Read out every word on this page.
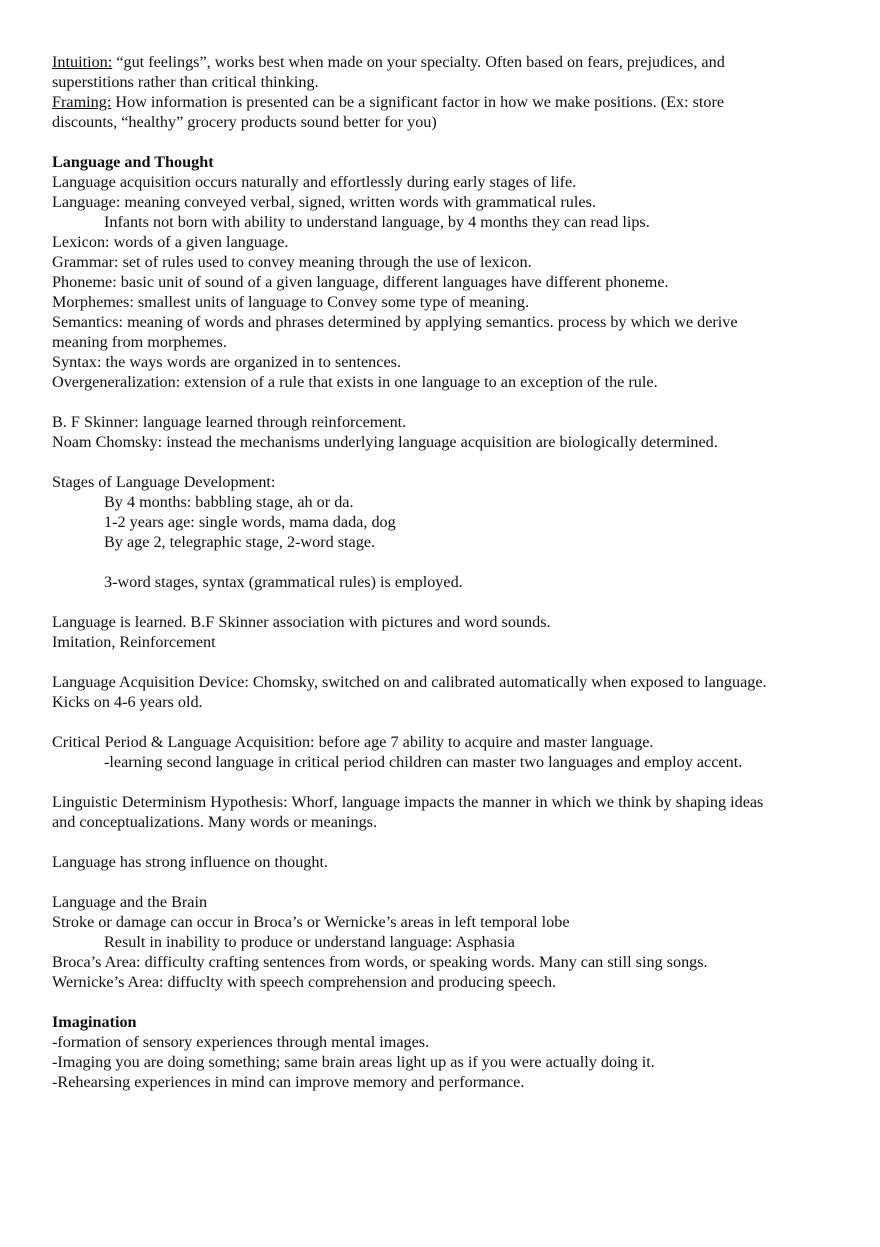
Intuition: “gut feelings”, works best when made on your specialty. Often based on fears, prejudices, and

superstitions rather than critical thinking.

Framing: How information is presented can be a significant factor in how we make positions. (Ex: store

discounts, “healthy” grocery products sound better for you)

Language and Thought

Language acquisition occurs naturally and effortlessly during early stages of life.

Language: meaning conveyed verbal, signed, written words with grammatical rules.

Infants not born with ability to understand language, by 4 months they can read lips.

Lexicon: words of a given language.

Grammar: set of rules used to convey meaning through the use of lexicon.

Phoneme: basic unit of sound of a given language, different languages have different phoneme.

Morphemes: smallest units of language to Convey some type of meaning.

Semantics: meaning of words and phrases determined by applying semantics. process by which we derive

meaning from morphemes.

Syntax: the ways words are organized in to sentences.

Overgeneralization: extension of a rule that exists in one language to an exception of the rule.

B. F Skinner: language learned through reinforcement.

Noam Chomsky: instead the mechanisms underlying language acquisition are biologically determined.

Stages of Language Development:

By 4 months: babbling stage, ah or da.

1-2 years age: single words, mama dada, dog

By age 2, telegraphic stage, 2-word stage.

3-word stages, syntax (grammatical rules) is employed.

Language is learned. B.F Skinner association with pictures and word sounds.

Imitation, Reinforcement

Language Acquisition Device: Chomsky, switched on and calibrated automatically when exposed to language.

Kicks on 4-6 years old.

Critical Period & Language Acquisition: before age 7 ability to acquire and master language.

-learning second language in critical period children can master two languages and employ accent.

Linguistic Determinism Hypothesis: Whorf, language impacts the manner in which we think by shaping ideas

and conceptualizations. Many words or meanings.

Language has strong influence on thought.

Language and the Brain

Stroke or damage can occur in Broca’s or Wernicke’s areas in left temporal lobe

Result in inability to produce or understand language: Asphasia

Broca’s Area: difficulty crafting sentences from words, or speaking words. Many can still sing songs.

Wernicke’s Area: diffuclty with speech comprehension and producing speech.

Imagination

-formation of sensory experiences through mental images.

-Imaging you are doing something; same brain areas light up as if you were actually doing it.

-Rehearsing experiences in mind can improve memory and performance.
